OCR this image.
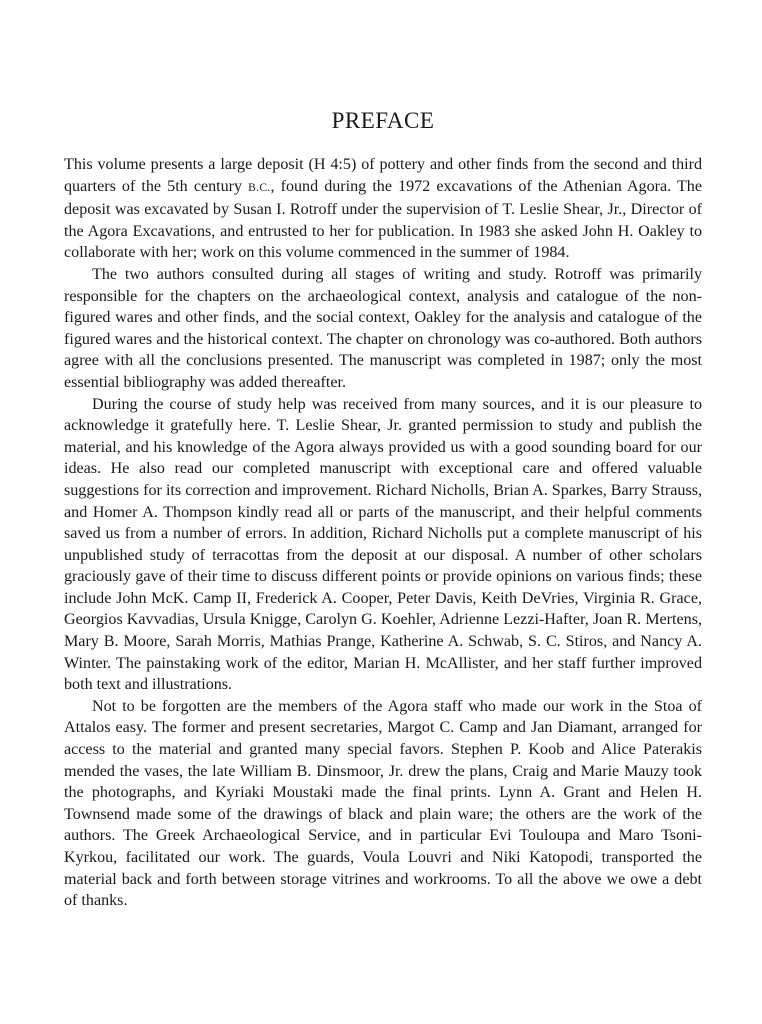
PREFACE

This volume presents a large deposit (H 4:5) of pottery and other finds from the second and third quarters of the 5th century B.C., found during the 1972 excavations of the Athenian Agora. The deposit was excavated by Susan I. Rotroff under the supervision of T. Leslie Shear, Jr., Director of the Agora Excavations, and entrusted to her for publication. In 1983 she asked John H. Oakley to collaborate with her; work on this volume commenced in the summer of 1984.

The two authors consulted during all stages of writing and study. Rotroff was primarily responsible for the chapters on the archaeological context, analysis and catalogue of the non-figured wares and other finds, and the social context, Oakley for the analysis and catalogue of the figured wares and the historical context. The chapter on chronology was co-authored. Both authors agree with all the conclusions presented. The manuscript was completed in 1987; only the most essential bibliography was added thereafter.

During the course of study help was received from many sources, and it is our pleasure to acknowledge it gratefully here. T. Leslie Shear, Jr. granted permission to study and publish the material, and his knowledge of the Agora always provided us with a good sounding board for our ideas. He also read our completed manuscript with exceptional care and offered valuable suggestions for its correction and improvement. Richard Nicholls, Brian A. Sparkes, Barry Strauss, and Homer A. Thompson kindly read all or parts of the manuscript, and their helpful comments saved us from a number of errors. In addition, Richard Nicholls put a complete manuscript of his unpublished study of terracottas from the deposit at our disposal. A number of other scholars graciously gave of their time to discuss different points or provide opinions on various finds; these include John McK. Camp II, Frederick A. Cooper, Peter Davis, Keith DeVries, Virginia R. Grace, Georgios Kavvadias, Ursula Knigge, Carolyn G. Koehler, Adrienne Lezzi-Hafter, Joan R. Mertens, Mary B. Moore, Sarah Morris, Mathias Prange, Katherine A. Schwab, S. C. Stiros, and Nancy A. Winter. The painstaking work of the editor, Marian H. McAllister, and her staff further improved both text and illustrations.

Not to be forgotten are the members of the Agora staff who made our work in the Stoa of Attalos easy. The former and present secretaries, Margot C. Camp and Jan Diamant, arranged for access to the material and granted many special favors. Stephen P. Koob and Alice Paterakis mended the vases, the late William B. Dinsmoor, Jr. drew the plans, Craig and Marie Mauzy took the photographs, and Kyriaki Moustaki made the final prints. Lynn A. Grant and Helen H. Townsend made some of the drawings of black and plain ware; the others are the work of the authors. The Greek Archaeological Service, and in particular Evi Touloupa and Maro Tsoni-Kyrkou, facilitated our work. The guards, Voula Louvri and Niki Katopodi, transported the material back and forth between storage vitrines and workrooms. To all the above we owe a debt of thanks.
